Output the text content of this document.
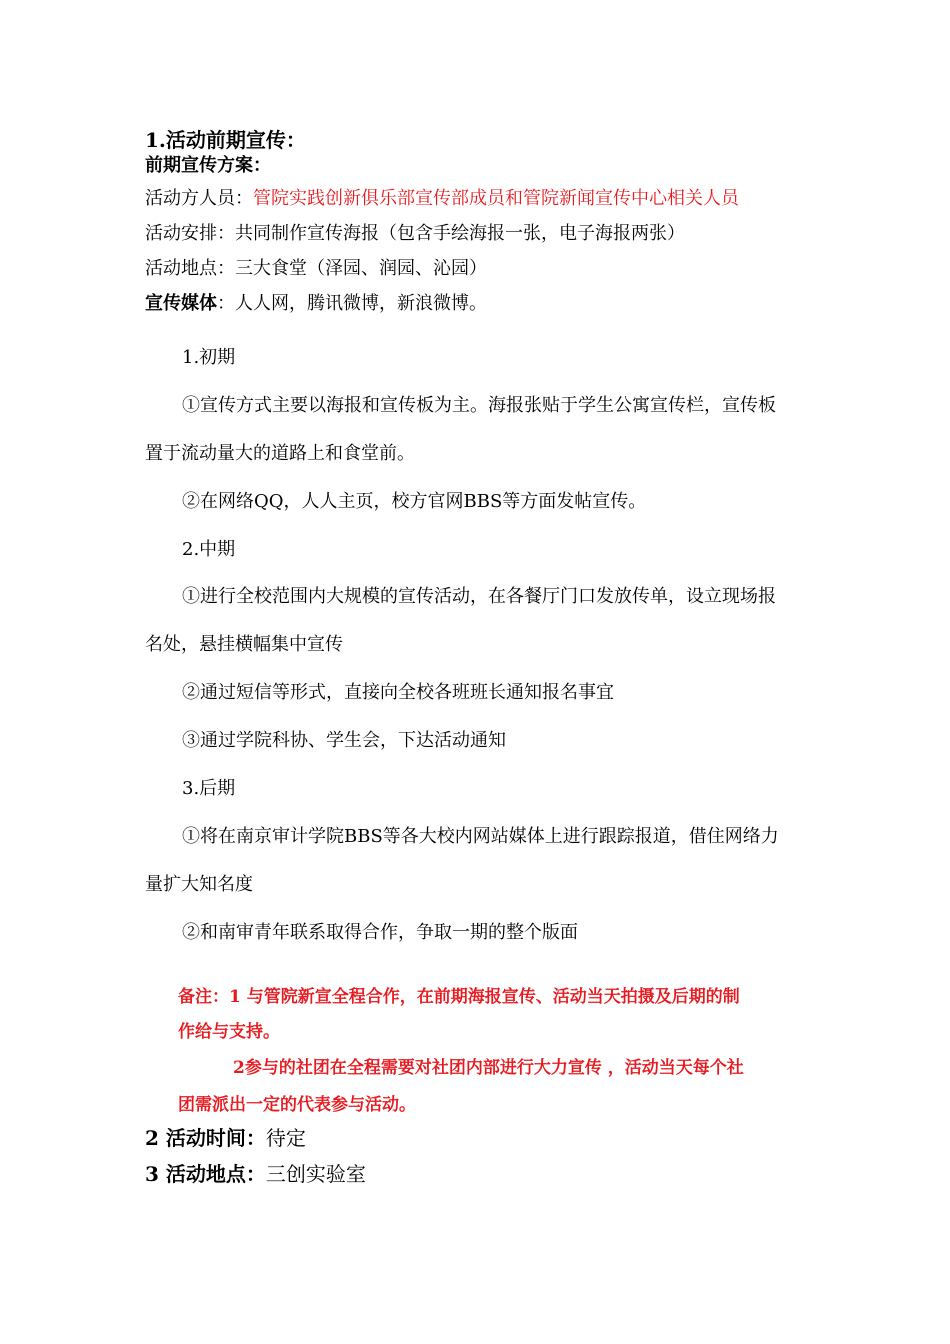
1.活动前期宣传：
前期宣传方案：
活动方人员：管院实践创新俱乐部宣传部成员和管院新闻宣传中心相关人员
活动安排：共同制作宣传海报（包含手绘海报一张，电子海报两张）
活动地点：三大食堂（泽园、润园、沁园）
宣传媒体：人人网，腾讯微博，新浪微博。
1.初期
①宣传方式主要以海报和宣传板为主。海报张贴于学生公寓宣传栏，宣传板
置于流动量大的道路上和食堂前。
②在网络QQ，人人主页，校方官网BBS等方面发帖宣传。
2.中期
①进行全校范围内大规模的宣传活动，在各餐厅门口发放传单，设立现场报
名处，悬挂横幅集中宣传
②通过短信等形式，直接向全校各班班长通知报名事宜
③通过学院科协、学生会，下达活动通知
3.后期
①将在南京审计学院BBS等各大校内网站媒体上进行跟踪报道，借住网络力
量扩大知名度
②和南审青年联系取得合作，争取一期的整个版面
备注：1 与管院新宣全程合作，在前期海报宣传、活动当天拍摄及后期的制
作给与支持。
2参与的社团在全程需要对社团内部进行大力宣传 ，活动当天每个社
团需派出一定的代表参与活动。
2 活动时间：待定
3 活动地点：三创实验室
